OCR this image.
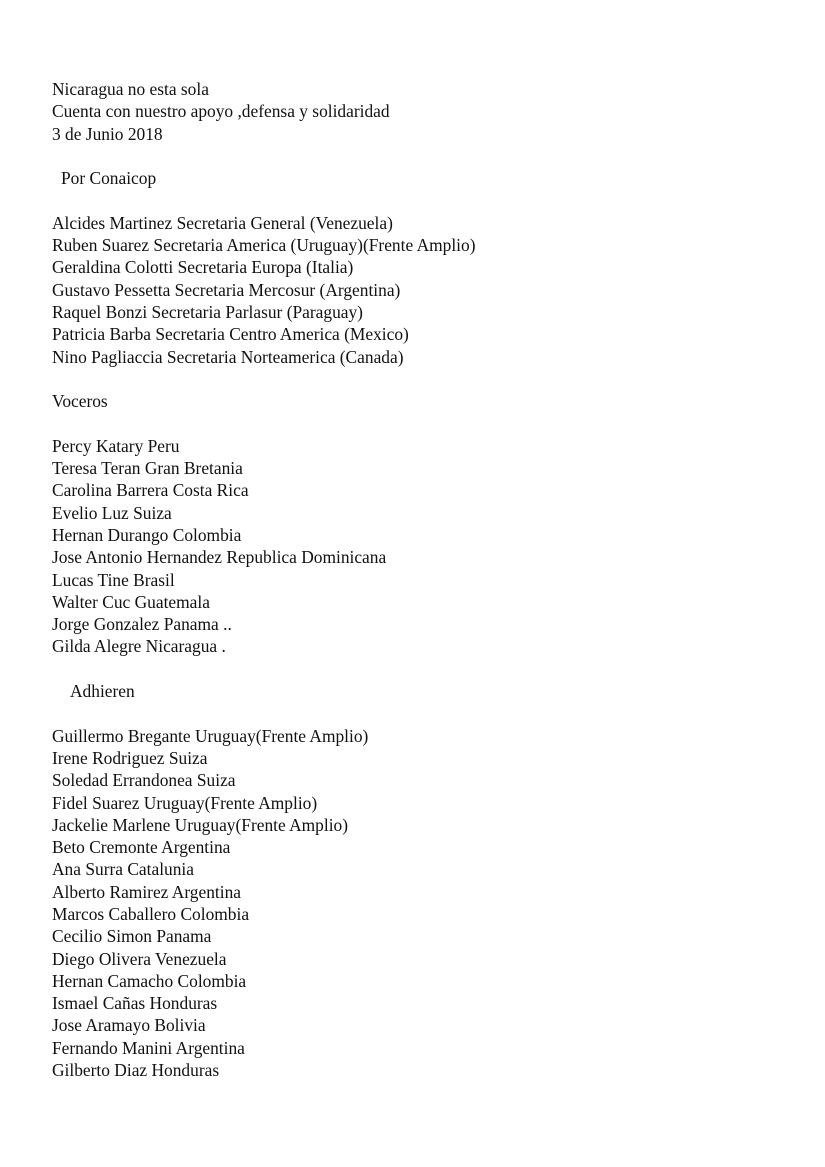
Nicaragua no esta sola
Cuenta con nuestro apoyo ,defensa y solidaridad
3 de Junio 2018
Por Conaicop
Alcides Martinez Secretaria General (Venezuela)
Ruben Suarez Secretaria America (Uruguay)(Frente Amplio)
Geraldina Colotti Secretaria Europa (Italia)
Gustavo Pessetta Secretaria Mercosur (Argentina)
Raquel Bonzi Secretaria Parlasur (Paraguay)
Patricia Barba Secretaria Centro America (Mexico)
Nino Pagliaccia Secretaria Norteamerica (Canada)
Voceros
Percy Katary Peru
Teresa Teran Gran Bretania
Carolina Barrera Costa Rica
Evelio Luz Suiza
Hernan Durango Colombia
Jose Antonio Hernandez Republica Dominicana
Lucas Tine Brasil
Walter Cuc Guatemala
Jorge Gonzalez Panama ..
Gilda Alegre Nicaragua .
Adhieren
Guillermo Bregante Uruguay(Frente Amplio)
Irene Rodriguez Suiza
Soledad Errandonea Suiza
Fidel Suarez Uruguay(Frente Amplio)
Jackelie Marlene Uruguay(Frente Amplio)
Beto Cremonte Argentina
Ana Surra Catalunia
Alberto Ramirez Argentina
Marcos Caballero Colombia
Cecilio Simon Panama
Diego Olivera Venezuela
Hernan Camacho Colombia
Ismael Cañas Honduras
Jose Aramayo Bolivia
Fernando Manini Argentina
Gilberto Diaz Honduras
